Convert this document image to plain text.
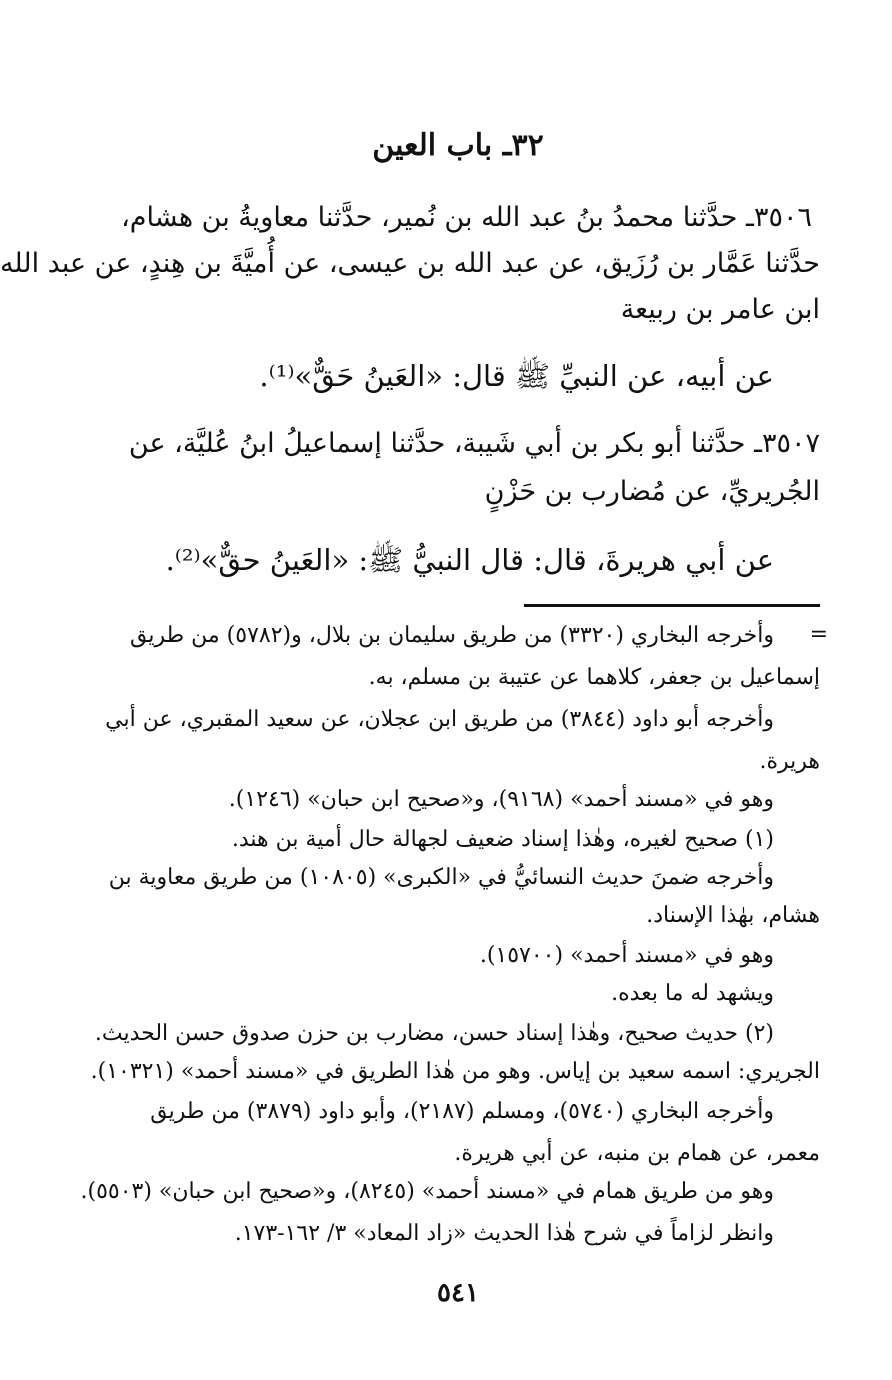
٣٢ـ باب العين
٣٥٠٦ـ حدَّثنا محمدُ بنُ عبد الله بن نُمير، حدَّثنا معاويةُ بن هشام،
حدَّثنا عَمَّار بن رُزَيق، عن عبد الله بن عيسى، عن أُميَّةَ بن هِندٍ، عن عبد الله
ابن عامر بن ربيعة
عن أبيه، عن النبيِّ ﷺ قال: «العَينُ حَقٌّ»⁽¹⁾.
٣٥٠٧ـ حدَّثنا أبو بكر بن أبي شَيبة، حدَّثنا إسماعيلُ ابنُ عُليَّة، عن
الجُريريِّ، عن مُضارب بن حَزْنٍ
عن أبي هريرةَ، قال: قال النبيُّ ﷺ: «العَينُ حقٌّ»⁽²⁾.
=
وأخرجه البخاري (٣٣٢٠) من طريق سليمان بن بلال، و(٥٧٨٢) من طريق
إسماعيل بن جعفر، كلاهما عن عتيبة بن مسلم، به.
وأخرجه أبو داود (٣٨٤٤) من طريق ابن عجلان، عن سعيد المقبري، عن أبي
هريرة.
وهو في «مسند أحمد» (٩١٦٨)، و«صحيح ابن حبان» (١٢٤٦).
(١) صحيح لغيره، وهٰذا إسناد ضعيف لجهالة حال أمية بن هند.
وأخرجه ضمنَ حديث النسائيُّ في «الكبرى» (١٠٨٠٥) من طريق معاوية بن
هشام، بهٰذا الإسناد.
وهو في «مسند أحمد» (١٥٧٠٠).
ويشهد له ما بعده.
(٢) حديث صحيح، وهٰذا إسناد حسن، مضارب بن حزن صدوق حسن الحديث.
الجريري: اسمه سعيد بن إياس. وهو من هٰذا الطريق في «مسند أحمد» (١٠٣٢١).
وأخرجه البخاري (٥٧٤٠)، ومسلم (٢١٨٧)، وأبو داود (٣٨٧٩) من طريق
معمر، عن همام بن منبه، عن أبي هريرة.
وهو من طريق همام في «مسند أحمد» (٨٢٤٥)، و«صحيح ابن حبان» (٥٥٠٣).
وانظر لزاماً في شرح هٰذا الحديث «زاد المعاد» ٣/ ١٦٢-١٧٣.
٥٤١
